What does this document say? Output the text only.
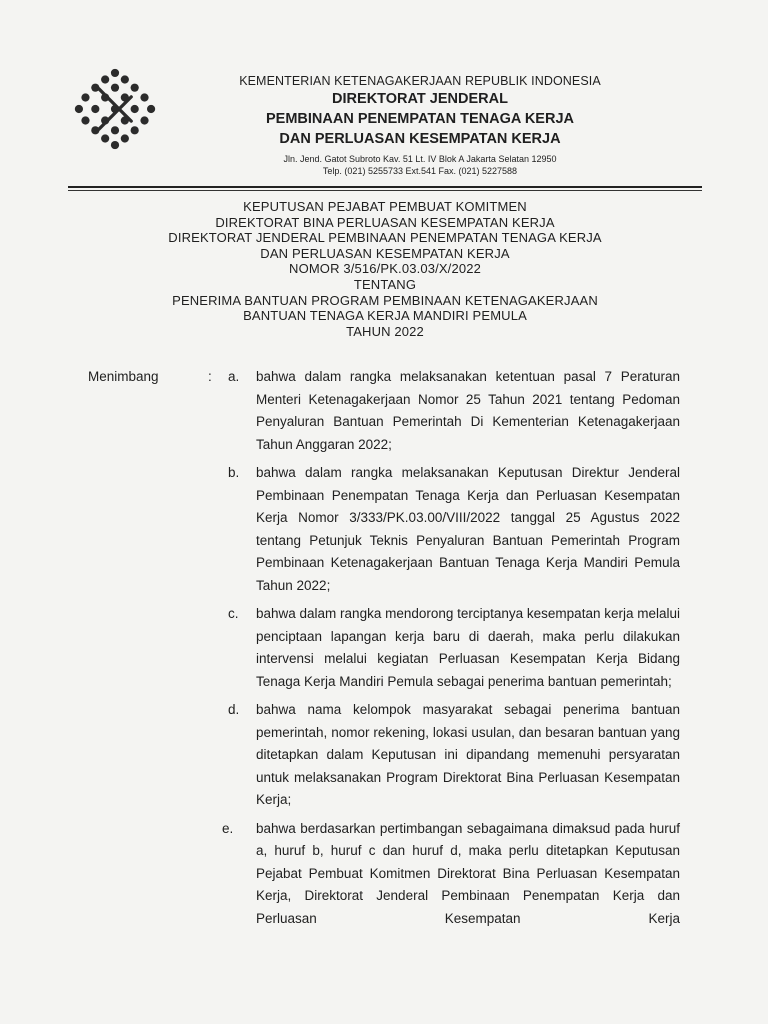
KEMENTERIAN KETENAGAKERJAAN REPUBLIK INDONESIA
DIREKTORAT JENDERAL
PEMBINAAN PENEMPATAN TENAGA KERJA
DAN PERLUASAN KESEMPATAN KERJA
Jln. Jend. Gatot Subroto Kav. 51 Lt. IV Blok A Jakarta Selatan 12950
Telp. (021) 5255733 Ext.541 Fax. (021) 5227588
KEPUTUSAN PEJABAT PEMBUAT KOMITMEN
DIREKTORAT BINA PERLUASAN KESEMPATAN KERJA
DIREKTORAT JENDERAL PEMBINAAN PENEMPATAN TENAGA KERJA
DAN PERLUASAN KESEMPATAN KERJA
NOMOR 3/516/PK.03.03/X/2022
TENTANG
PENERIMA BANTUAN PROGRAM PEMBINAAN KETENAGAKERJAAN
BANTUAN TENAGA KERJA MANDIRI PEMULA
TAHUN 2022
Menimbang	: a. bahwa dalam rangka melaksanakan ketentuan pasal 7 Peraturan Menteri Ketenagakerjaan Nomor 25 Tahun 2021 tentang Pedoman Penyaluran Bantuan Pemerintah Di Kementerian Ketenagakerjaan Tahun Anggaran 2022;
b. bahwa dalam rangka melaksanakan Keputusan Direktur Jenderal Pembinaan Penempatan Tenaga Kerja dan Perluasan Kesempatan Kerja Nomor 3/333/PK.03.00/VIII/2022 tanggal 25 Agustus 2022 tentang Petunjuk Teknis Penyaluran Bantuan Pemerintah Program Pembinaan Ketenagakerjaan Bantuan Tenaga Kerja Mandiri Pemula Tahun 2022;
c. bahwa dalam rangka mendorong terciptanya kesempatan kerja melalui penciptaan lapangan kerja baru di daerah, maka perlu dilakukan intervensi melalui kegiatan Perluasan Kesempatan Kerja Bidang Tenaga Kerja Mandiri Pemula sebagai penerima bantuan pemerintah;
d. bahwa nama kelompok masyarakat sebagai penerima bantuan pemerintah, nomor rekening, lokasi usulan, dan besaran bantuan yang ditetapkan dalam Keputusan ini dipandang memenuhi persyaratan untuk melaksanakan Program Direktorat Bina Perluasan Kesempatan Kerja;
e. bahwa berdasarkan pertimbangan sebagaimana dimaksud pada huruf a, huruf b, huruf c dan huruf d, maka perlu ditetapkan Keputusan Pejabat Pembuat Komitmen Direktorat Bina Perluasan Kesempatan Kerja, Direktorat Jenderal Pembinaan Penempatan Kerja dan Perluasan Kesempatan Kerja
